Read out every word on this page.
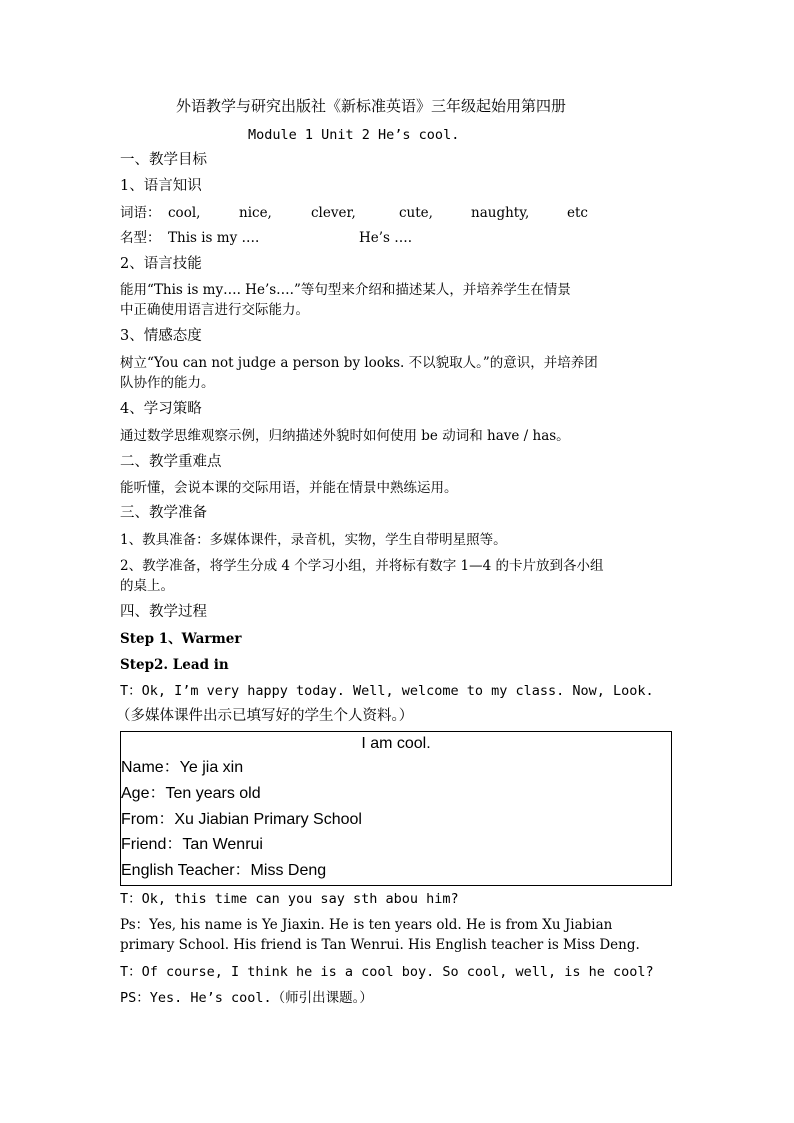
外语教学与研究出版社《新标准英语》三年级起始用第四册
Module 1 Unit 2 He’s cool.
一、教学目标
1、语言知识
词语： cool,	nice,	clever,	cute,	naughty,	etc
名型： This is my ….	He’s ….
2、语言技能
能用“This is my…. He’s….”等句型来介绍和描述某人，并培养学生在情景
中正确使用语言进行交际能力。
3、情感态度
树立“You can not judge a person by looks. 不以貌取人。”的意识，并培养团
队协作的能力。
4、学习策略
通过数学思维观察示例，归纳描述外貌时如何使用 be 动词和 have / has。
二、教学重难点
能听懂，会说本课的交际用语，并能在情景中熟练运用。
三、教学准备
1、教具准备：多媒体课件，录音机，实物，学生自带明星照等。
2、教学准备，将学生分成 4 个学习小组，并将标有数字 1—4 的卡片放到各小组
的桌上。
四、教学过程
Step 1、Warmer
Step2. Lead in
T：Ok, I’m very happy today. Well, welcome to my class. Now, Look.
（多媒体课件出示已填写好的学生个人资料。）
I am cool.
Name：Ye jia xin
Age：Ten years old
From：Xu Jiabian Primary School
Friend：Tan Wenrui
English Teacher：Miss Deng
T：Ok, this time can you say sth abou him?
Ps：Yes, his name is Ye Jiaxin. He is ten years old. He is from Xu Jiabian
primary School. His friend is Tan Wenrui. His English teacher is Miss Deng.
T：Of course, I think he is a cool boy. So cool, well, is he cool?
PS：Yes. He’s cool.（师引出课题。）
